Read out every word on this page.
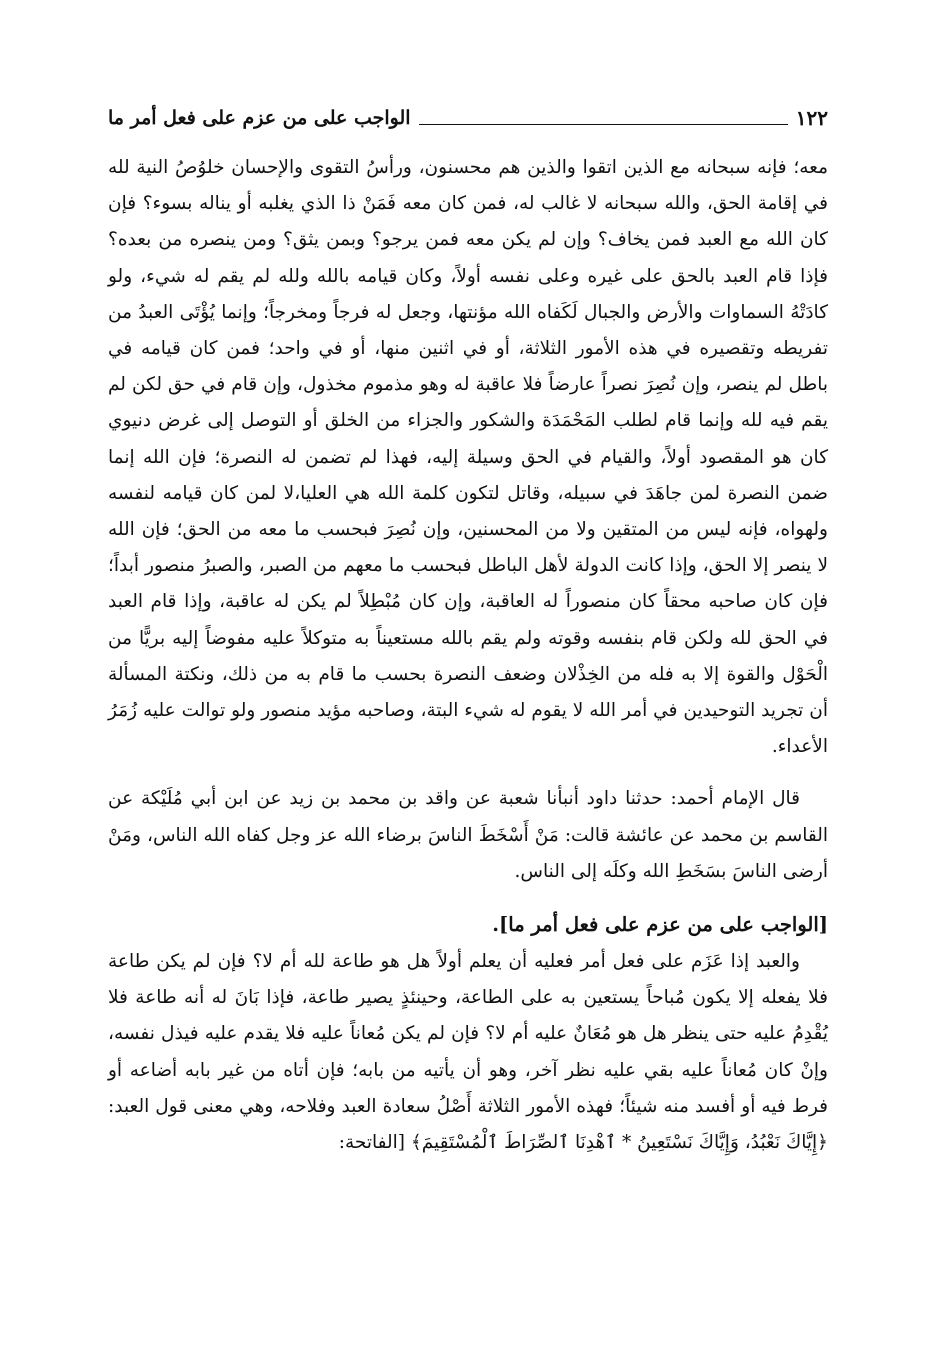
١٢٢
الواجب على من عزم على فعل أمر ما

معه؛ فإنه سبحانه مع الذين اتقوا والذين هم محسنون، ورأسُ التقوى والإحسان خلوُصُ النية لله في إقامة الحق، والله سبحانه لا غالب له، فمن كان معه فَمَنْ ذا الذي يغلبه أو يناله بسوء؟ فإن كان الله مع العبد فمن يخاف؟ وإن لم يكن معه فمن يرجو؟ وبمن يثق؟ ومن ينصره من بعده؟ فإذا قام العبد بالحق على غيره وعلى نفسه أولاً، وكان قيامه بالله ولله لم يقم له شيء، ولو كادَتْهُ السماوات والأرض والجبال لَكَفاه الله مؤنتها، وجعل له فرجاً ومخرجاً؛ وإنما يُؤْتَى العبدُ من تفريطه وتقصيره في هذه الأمور الثلاثة، أو في اثنين منها، أو في واحد؛ فمن كان قيامه في باطل لم ينصر، وإن نُصِرَ نصراً عارضاً فلا عاقبة له وهو مذموم مخذول، وإن قام في حق لكن لم يقم فيه لله وإنما قام لطلب المَحْمَدَة والشكور والجزاء من الخلق أو التوصل إلى غرض دنيوي كان هو المقصود أولاً، والقيام في الحق وسيلة إليه، فهذا لم تضمن له النصرة؛ فإن الله إنما ضمن النصرة لمن جاهَدَ في سبيله، وقاتل لتكون كلمة الله هي العليا،لا لمن كان قيامه لنفسه ولهواه، فإنه ليس من المتقين ولا من المحسنين، وإن نُصِرَ فبحسب ما معه من الحق؛ فإن الله لا ينصر إلا الحق، وإذا كانت الدولة لأهل الباطل فبحسب ما معهم من الصبر، والصبرُ منصور أبداً؛ فإن كان صاحبه محقاً كان منصوراً له العاقبة، وإن كان مُبْطِلاً لم يكن له عاقبة، وإذا قام العبد في الحق لله ولكن قام بنفسه وقوته ولم يقم بالله مستعيناً به متوكلاً عليه مفوضاً إليه بريًّا من الْحَوْل والقوة إلا به فله من الخِذْلان وضعف النصرة بحسب ما قام به من ذلك، ونكتة المسألة أن تجريد التوحيدين في أمر الله لا يقوم له شيء البتة، وصاحبه مؤيد منصور ولو توالت عليه زُمَرُ الأعداء.

قال الإمام أحمد: حدثنا داود أنبأنا شعبة عن واقد بن محمد بن زيد عن ابن أبي مُلَيْكة عن القاسم بن محمد عن عائشة قالت: مَنْ أَسْخَطَ الناسَ برضاء الله عز وجل كفاه الله الناس، ومَنْ أرضى الناسَ بسَخَطِ الله وكلَه إلى الناس.

[الواجب على من عزم على فعل أمر ما].

والعبد إذا عَزَم على فعل أمر فعليه أن يعلم أولاً هل هو طاعة لله أم لا؟ فإن لم يكن طاعة فلا يفعله إلا يكون مُباحاً يستعين به على الطاعة، وحينئذٍ يصير طاعة، فإذا بَانَ له أنه طاعة فلا يُقْدِمُ عليه حتى ينظر هل هو مُعَانٌ عليه أم لا؟ فإن لم يكن مُعاناً عليه فلا يقدم عليه فيذل نفسه، وإنْ كان مُعاناً عليه بقي عليه نظر آخر، وهو أن يأتيه من بابه؛ فإن أتاه من غير بابه أضاعه أو فرط فيه أو أفسد منه شيئاً؛ فهذه الأمور الثلاثة أَصْلُ سعادة العبد وفلاحه، وهي معنى قول العبد: ﴿إِيَّاكَ نَعْبُدُ، وَإِيَّاكَ نَسْتَعِينُ * ٱهْدِنَا ٱلصِّرَاطَ ٱلْمُسْتَقِيمَ﴾ [الفاتحة:
